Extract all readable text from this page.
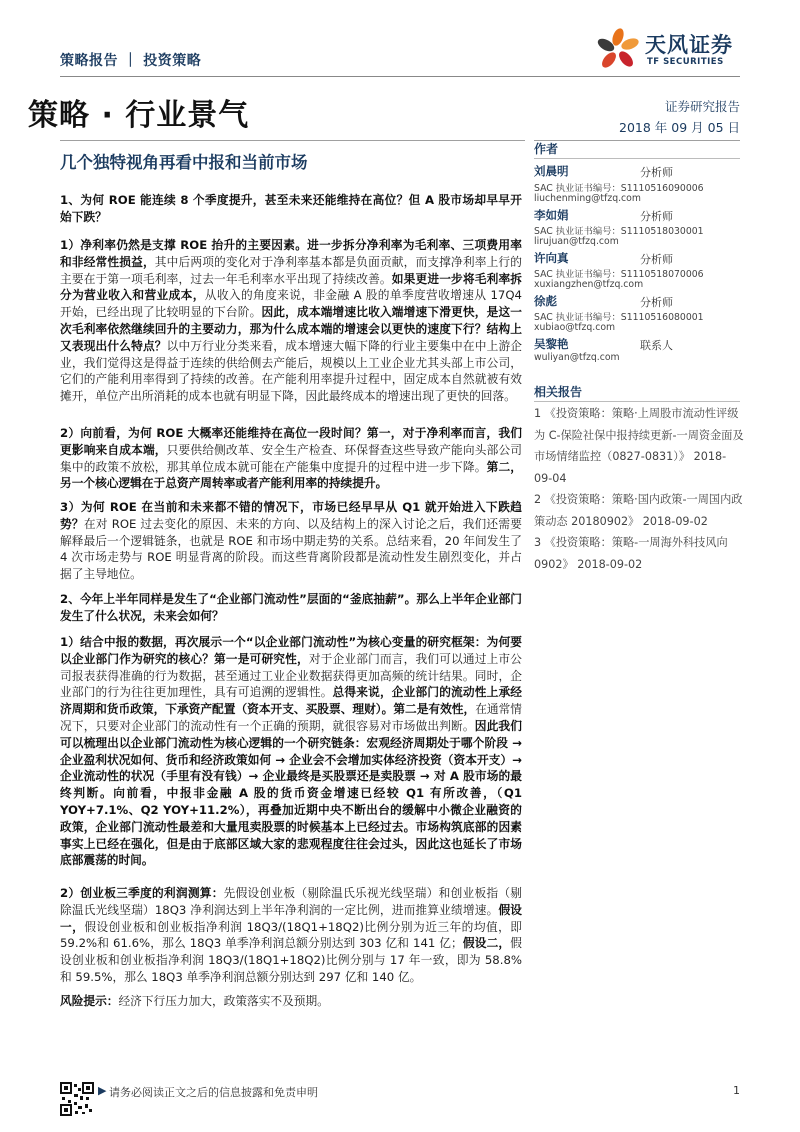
策略报告 ｜ 投资策略
天风证券
TF SECURITIES
策略 · 行业景气	证券研究报告
2018 年 09 月 05 日
几个独特视角再看中报和当前市场
1、为何 ROE 能连续 8 个季度提升，甚至未来还能维持在高位？但 A 股市场却早早开始下跌？
1）净利率仍然是支撑 ROE 抬升的主要因素。进一步拆分净利率为毛利率、三项费用率和非经常性损益，其中后两项的变化对于净利率基本都是负面贡献，而支撑净利率上行的主要在于第一项毛利率，过去一年毛利率水平出现了持续改善。如果更进一步将毛利率拆分为营业收入和营业成本，从收入的角度来说，非金融 A 股的单季度营收增速从 17Q4 开始，已经出现了比较明显的下台阶。因此，成本端增速比收入端增速下滑更快，是这一次毛利率依然继续回升的主要动力，那为什么成本端的增速会以更快的速度下行？结构上又表现出什么特点？以中万行业分类来看，成本增速大幅下降的行业主要集中在中上游企业，我们觉得这是得益于连续的供给侧去产能后，规模以上工业企业尤其头部上市公司，它们的产能利用率得到了持续的改善。在产能利用率提升过程中，固定成本自然就被有效摊开，单位产出所消耗的成本也就有明显下降，因此最终成本的增速出现了更快的回落。
2）向前看，为何 ROE 大概率还能维持在高位一段时间？第一，对于净利率而言，我们更影响来自成本端，只要供给侧改革、安全生产检查、环保督查这些导致产能向头部公司集中的政策不放松，那其单位成本就可能在产能集中度提升的过程中进一步下降。第二，另一个核心逻辑在于总资产周转率或者产能利用率的持续提升。
3）为何 ROE 在当前和未来都不错的情况下，市场已经早早从 Q1 就开始进入下跌趋势？在对 ROE 过去变化的原因、未来的方向、以及结构上的深入讨论之后，我们还需要解释最后一个逻辑链条，也就是 ROE 和市场中期走势的关系。总结来看，20 年间发生了 4 次市场走势与 ROE 明显背离的阶段。而这些背离阶段都是流动性发生剧烈变化，并占据了主导地位。
2、今年上半年同样是发生了“企业部门流动性”层面的“釜底抽薪”。那么上半年企业部门发生了什么状况，未来会如何？
1）结合中报的数据，再次展示一个“以企业部门流动性”为核心变量的研究框架：为何要以企业部门作为研究的核心？第一是可研究性，对于企业部门而言，我们可以通过上市公司报表获得准确的行为数据，甚至通过工业企业数据获得更加高频的统计结果。同时，企业部门的行为往往更加理性，具有可追溯的逻辑性。总得来说，企业部门的流动性上承经济周期和货币政策，下承资产配置（资本开支、买股票、理财）。第二是有效性，在通常情况下，只要对企业部门的流动性有一个正确的预期，就很容易对市场做出判断。因此我们可以梳理出以企业部门流动性为核心逻辑的一个研究链条：宏观经济周期处于哪个阶段 → 企业盈利状况如何、货币和经济政策如何 → 企业会不会增加实体经济投资（资本开支）→ 企业流动性的状况（手里有没有钱）→ 企业最终是买股票还是卖股票 → 对 A 股市场的最终判断。向前看，中报非金融 A 股的货币资金增速已经较 Q1 有所改善，（Q1 YOY+7.1%、Q2 YOY+11.2%），再叠加近期中央不断出台的缓解中小微企业融资的政策，企业部门流动性最差和大量甩卖股票的时候基本上已经过去。市场构筑底部的因素事实上已经在强化，但是由于底部区域大家的悲观程度往往会过头，因此这也延长了市场底部震荡的时间。
2）创业板三季度的利润测算：先假设创业板（剔除温氏乐视光线坚瑞）和创业板指（剔除温氏光线坚瑞）18Q3 净利润达到上半年净利润的一定比例，进而推算业绩增速。假设一，假设创业板和创业板指净利润 18Q3/(18Q1+18Q2)比例分别为近三年的均值，即 59.2%和 61.6%，那么 18Q3 单季净利润总额分别达到 303 亿和 141 亿；假设二，假设创业板和创业板指净利润 18Q3/(18Q1+18Q2)比例分别与 17 年一致，即为 58.8%和 59.5%，那么 18Q3 单季净利润总额分别达到 297 亿和 140 亿。
风险提示：经济下行压力加大，政策落实不及预期。
作者
刘晨明	分析师
SAC 执业证书编号：S1110516090006
liuchenming@tfzq.com
李如娟	分析师
SAC 执业证书编号：S1110518030001
lirujuan@tfzq.com
许向真	分析师
SAC 执业证书编号：S1110518070006
xuxiangzhen@tfzq.com
徐彪	分析师
SAC 执业证书编号：S1110516080001
xubiao@tfzq.com
吴黎艳	联系人
wuliyan@tfzq.com
相关报告
1 《投资策略：策略·上周股市流动性评级为 C-保险社保中报持续更新-一周资金面及市场情绪监控（0827-0831）》 2018-09-04
2 《投资策略：策略·国内政策-一周国内政策动态 20180902》 2018-09-02
3 《投资策略：策略-一周海外科技风向 0902》 2018-09-02
▶ 请务必阅读正文之后的信息披露和免责申明	1
